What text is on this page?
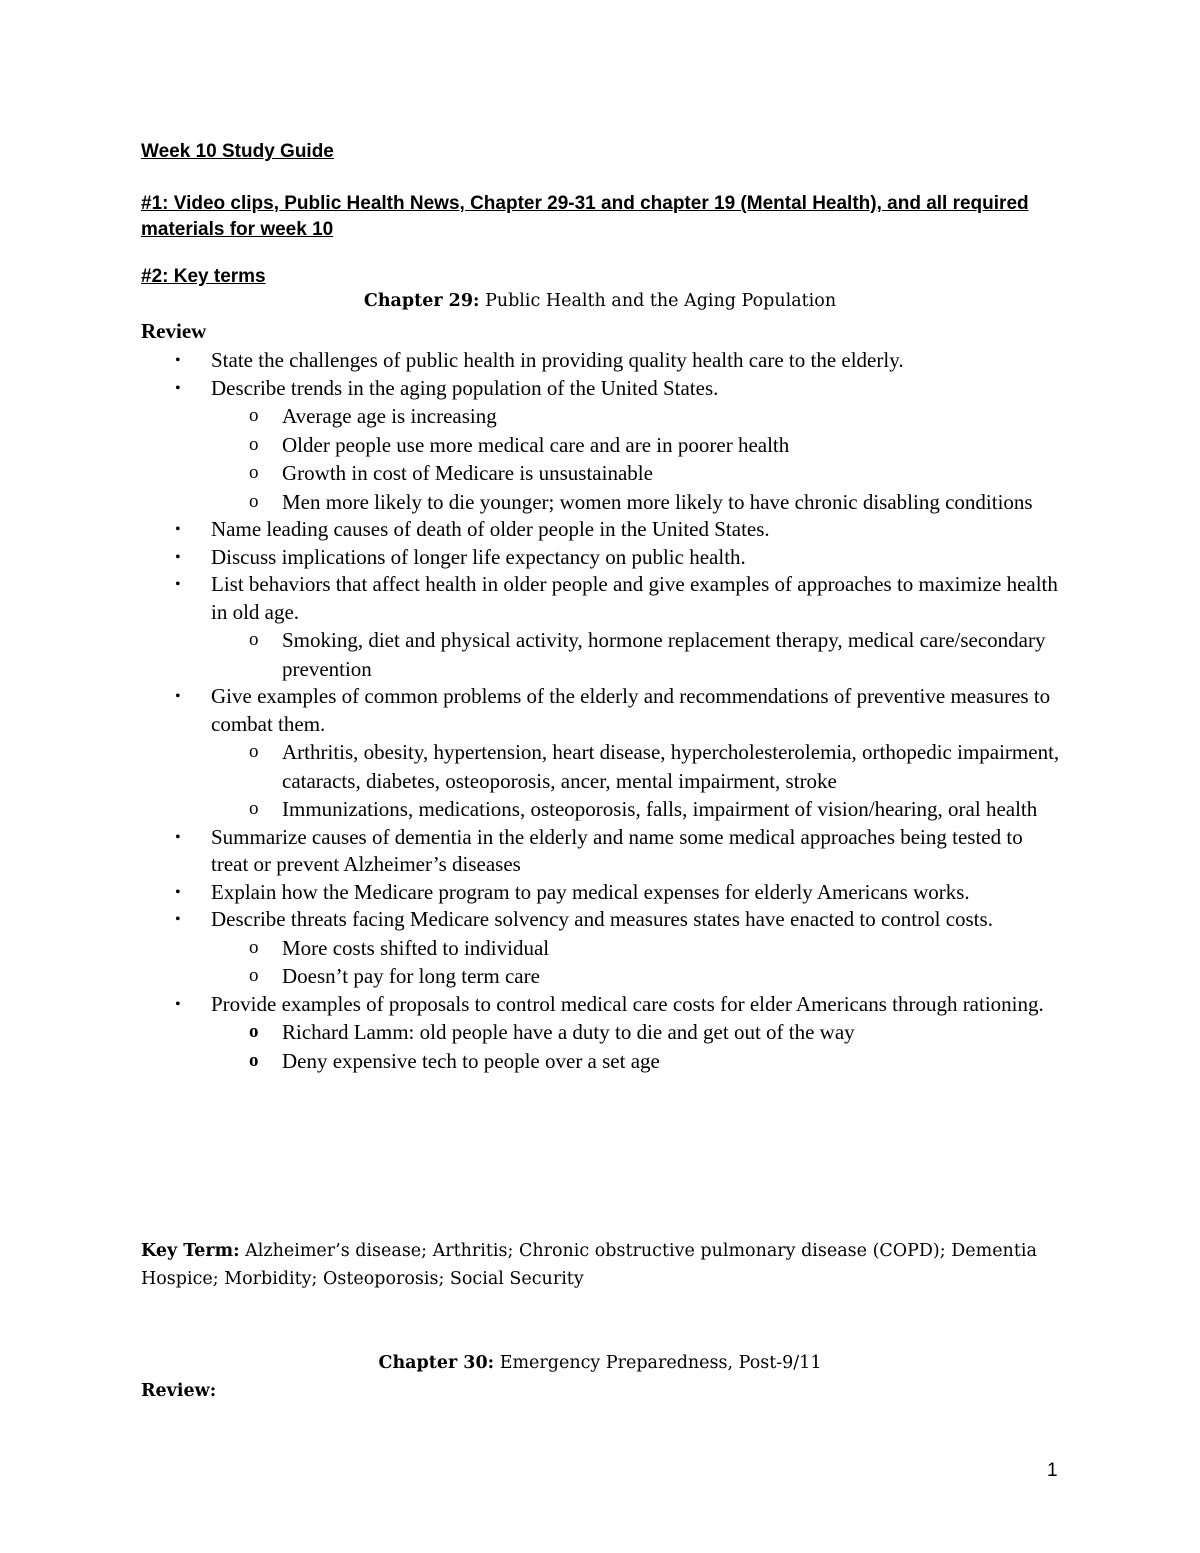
Week 10 Study Guide
#1: Video clips, Public Health News, Chapter 29-31 and chapter 19 (Mental Health), and all required materials for week 10
#2: Key terms
Chapter 29: Public Health and the Aging Population
Review
• State the challenges of public health in providing quality health care to the elderly.
• Describe trends in the aging population of the United States.
o Average age is increasing
o Older people use more medical care and are in poorer health
o Growth in cost of Medicare is unsustainable
o Men more likely to die younger; women more likely to have chronic disabling conditions
• Name leading causes of death of older people in the United States.
• Discuss implications of longer life expectancy on public health.
• List behaviors that affect health in older people and give examples of approaches to maximize health in old age.
o Smoking, diet and physical activity, hormone replacement therapy, medical care/secondary prevention
• Give examples of common problems of the elderly and recommendations of preventive measures to combat them.
o Arthritis, obesity, hypertension, heart disease, hypercholesterolemia, orthopedic impairment, cataracts, diabetes, osteoporosis, ancer, mental impairment, stroke
o Immunizations, medications, osteoporosis, falls, impairment of vision/hearing, oral health
• Summarize causes of dementia in the elderly and name some medical approaches being tested to treat or prevent Alzheimer’s diseases
• Explain how the Medicare program to pay medical expenses for elderly Americans works.
• Describe threats facing Medicare solvency and measures states have enacted to control costs.
o More costs shifted to individual
o Doesn’t pay for long term care
• Provide examples of proposals to control medical care costs for elder Americans through rationing.
o Richard Lamm: old people have a duty to die and get out of the way
o Deny expensive tech to people over a set age
Key Term: Alzheimer’s disease; Arthritis; Chronic obstructive pulmonary disease (COPD); Dementia Hospice; Morbidity; Osteoporosis; Social Security
Chapter 30: Emergency Preparedness, Post-9/11
Review:
1
